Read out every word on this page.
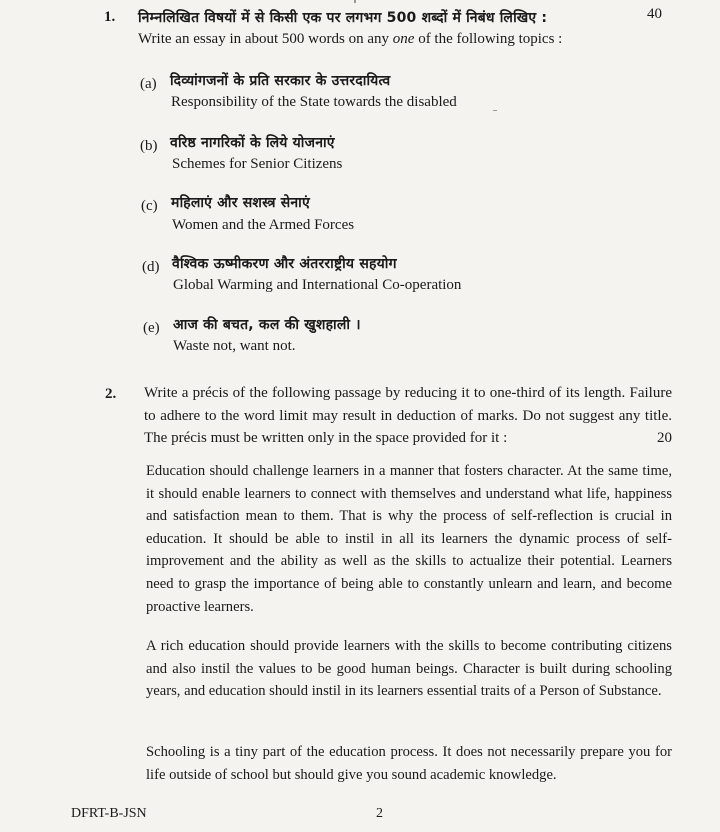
1. निम्नलिखित विषयों में से किसी एक पर लगभग 500 शब्दों में निबंध लिखिए :	40
Write an essay in about 500 words on any one of the following topics :
(a) दिव्यांगजनों के प्रति सरकार के उत्तरदायित्व
Responsibility of the State towards the disabled
(b) वरिष्ठ नागरिकों के लिये योजनाएं
Schemes for Senior Citizens
(c) महिलाएं और सशस्त्र सेनाएं
Women and the Armed Forces
(d) वैश्विक ऊष्मीकरण और अंतरराष्ट्रीय सहयोग
Global Warming and International Co-operation
(e) आज की बचत, कल की खुशहाली ।
Waste not, want not.
2. Write a précis of the following passage by reducing it to one-third of its length. Failure to adhere to the word limit may result in deduction of marks. Do not suggest any title. The précis must be written only in the space provided for it :	20
Education should challenge learners in a manner that fosters character. At the same time, it should enable learners to connect with themselves and understand what life, happiness and satisfaction mean to them. That is why the process of self-reflection is crucial in education. It should be able to instil in all its learners the dynamic process of self-improvement and the ability as well as the skills to actualize their potential. Learners need to grasp the importance of being able to constantly unlearn and learn, and become proactive learners.
A rich education should provide learners with the skills to become contributing citizens and also instil the values to be good human beings. Character is built during schooling years, and education should instil in its learners essential traits of a Person of Substance.
Schooling is a tiny part of the education process. It does not necessarily prepare you for life outside of school but should give you sound academic knowledge.
DFRT-B-JSN	2
